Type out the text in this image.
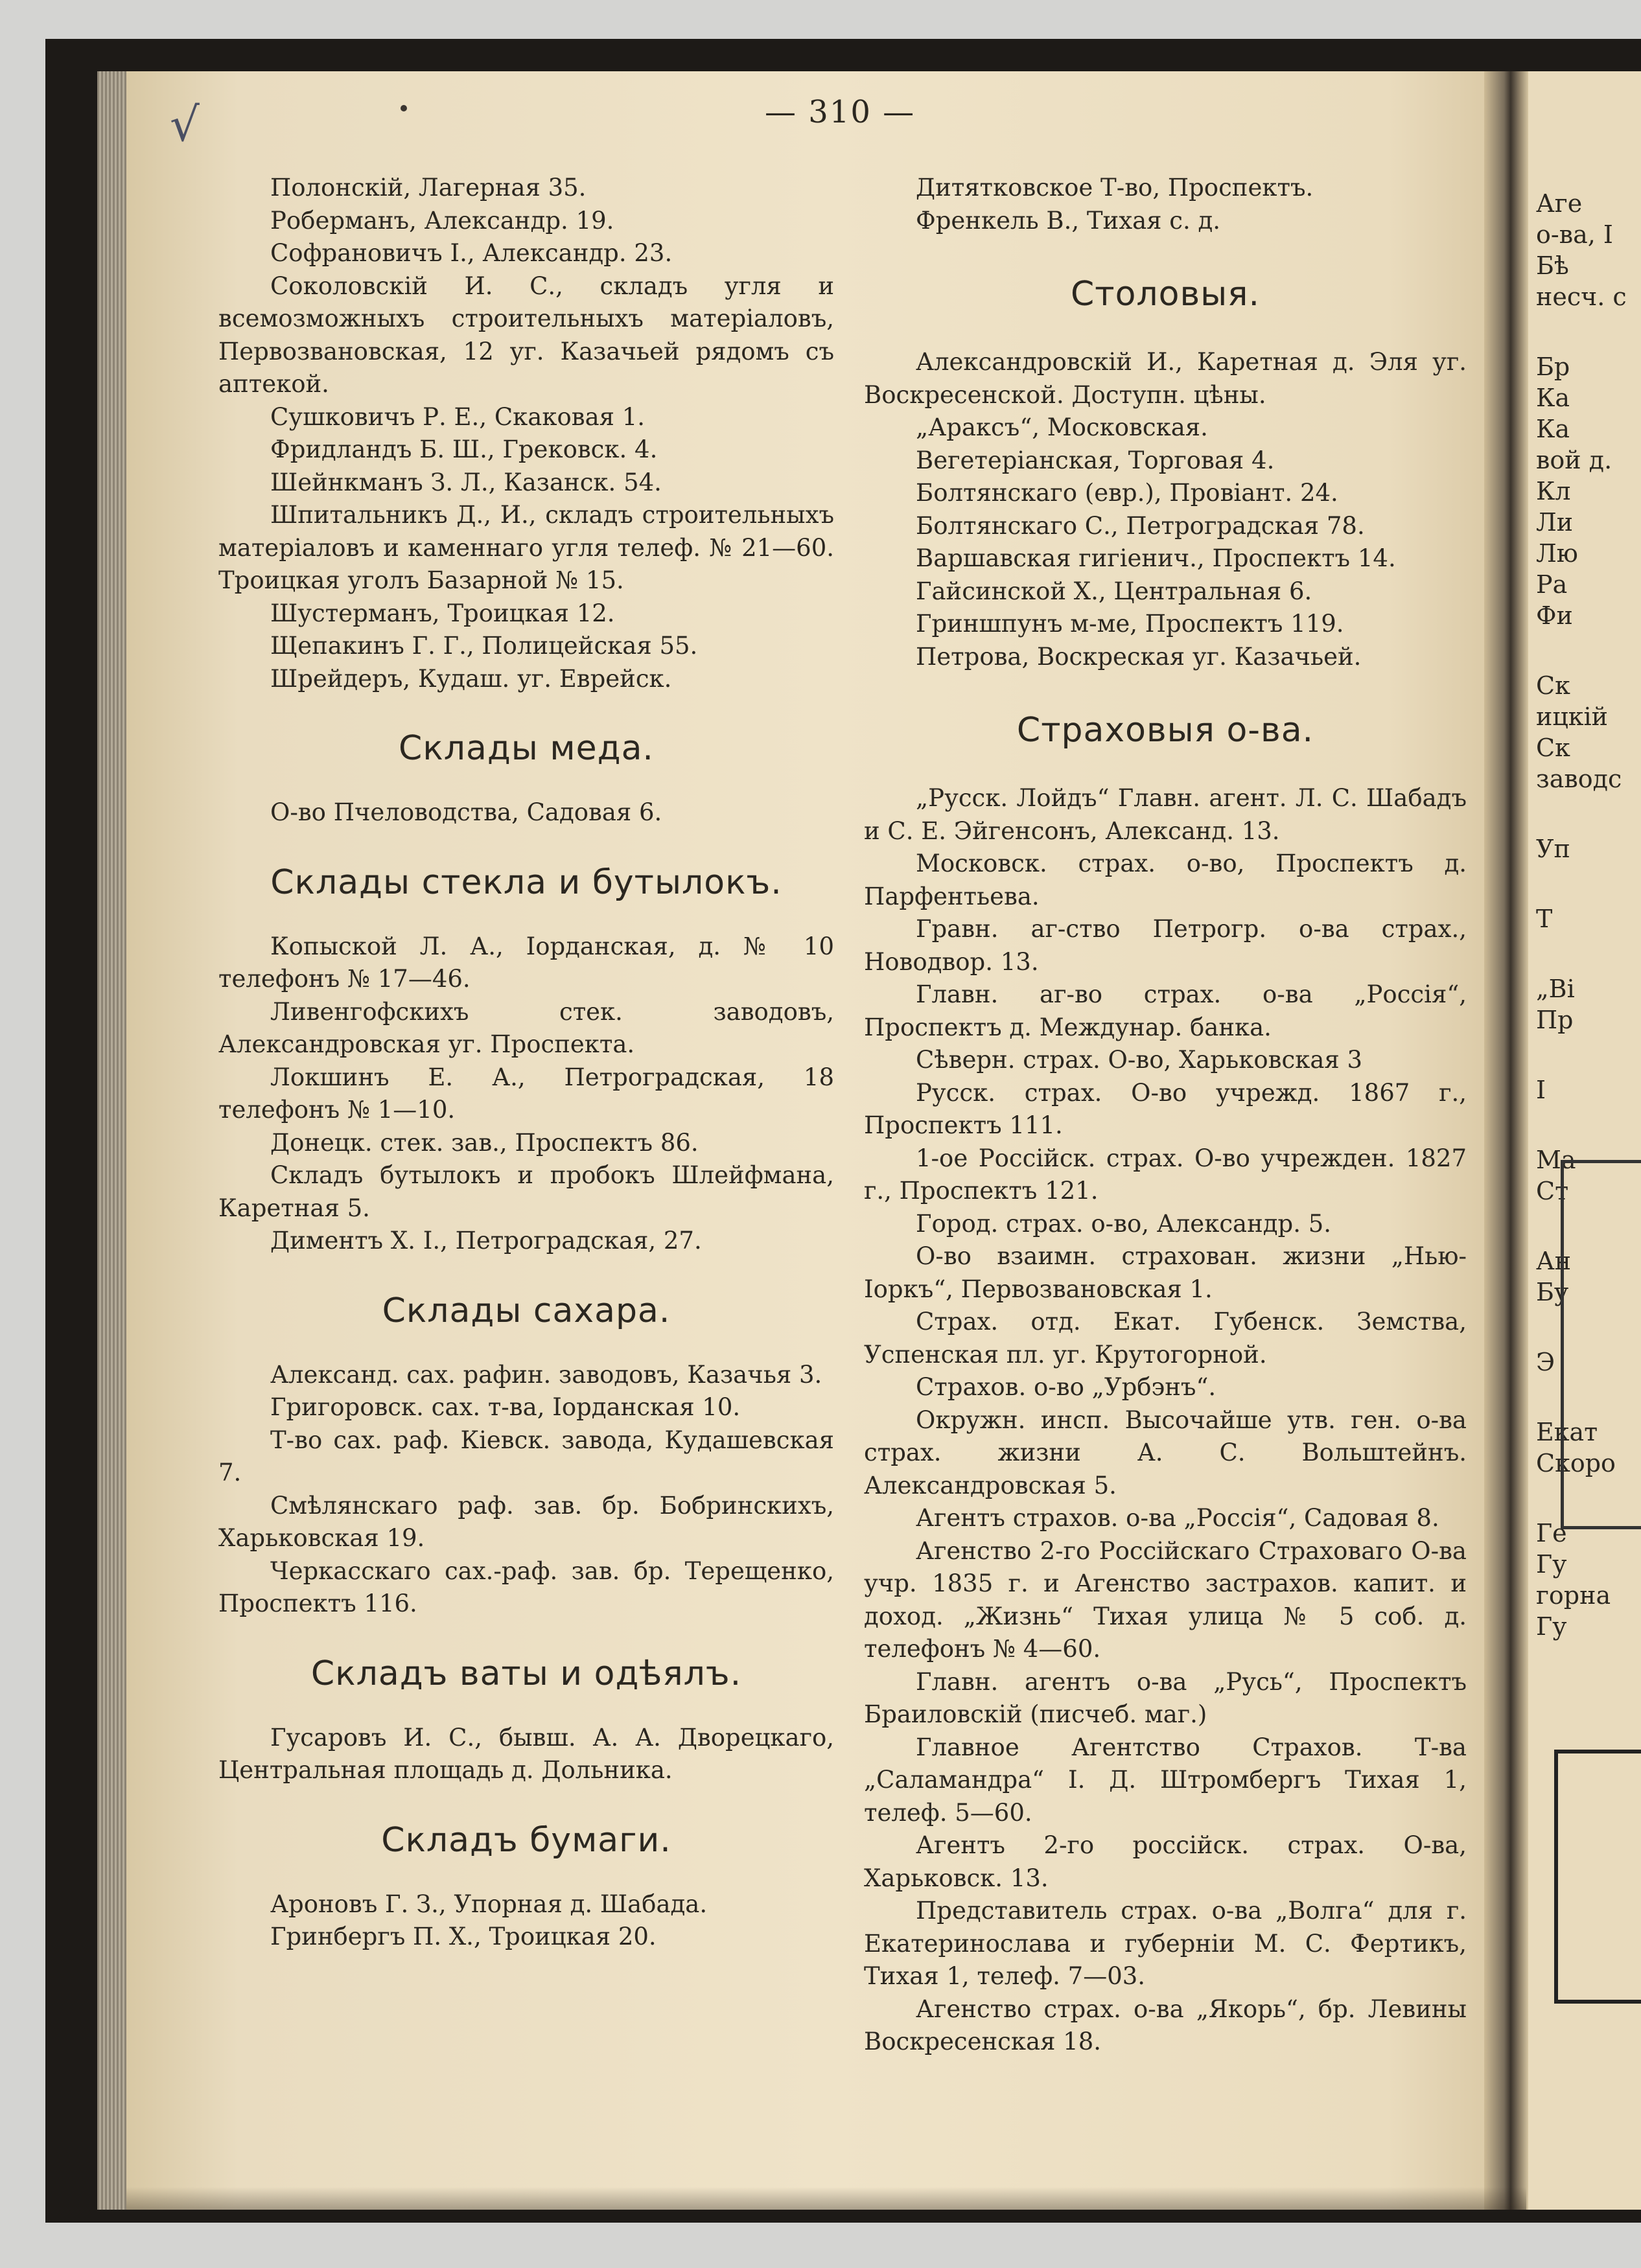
Аге
о-ва, І
Бѣ
несч. с
Бр
Ка
Ка
вой д.
Кл
Ли
Лю
Ра
Фи
Ск
ицкій
Ск
заводс
Уп
Т
„Ві
Пр
І
Ма
Ст
Ан
Бу
Э
Екат
Скоро
Ге
Гу
горна
Гу
√	— 310 —

Полонскій, Лагерная 35.

Роберманъ, Александр. 19.

Софрановичъ І., Александр. 23.

Соколовскій И. С., складъ угля и всемозможныхъ строительныхъ матеріаловъ, Первозвановская, 12 уг. Казачьей рядомъ съ аптекой.

Сушковичъ Р. Е., Скаковая 1.

Фридландъ Б. Ш., Грековск. 4.

Шейнкманъ З. Л., Казанск. 54.

Шпитальникъ Д., И., складъ строительныхъ матеріаловъ и каменнаго угля телеф. № 21—60. Троицкая уголъ Базарной № 15.

Шустерманъ, Троицкая 12.

Щепакинъ Г. Г., Полицейская 55.

Шрейдеръ, Кудаш. уг. Еврейск.

Склады меда.

О-во Пчеловодства, Садовая 6.

Склады стекла и бутылокъ.

Копыской Л. А., Іорданская, д. № 10 телефонъ № 17—46.

Ливенгофскихъ стек. заводовъ, Александровская уг. Проспекта.

Локшинъ Е. А., Петроградская, 18 телефонъ № 1—10.

Донецк. стек. зав., Проспектъ 86.

Складъ бутылокъ и пробокъ Шлейфмана, Каретная 5.

Диментъ Х. І., Петроградская, 27.

Склады сахара.

Александ. сах. рафин. заводовъ, Казачья 3.

Григоровск. сах. т-ва, Іорданская 10.

Т-во сах. раф. Кіевск. завода, Кудашевская 7.

Смѣлянскаго раф. зав. бр. Бобринскихъ, Харьковская 19.

Черкасскаго сах.-раф. зав. бр. Терещенко, Проспектъ 116.

Складъ ваты и одѣялъ.

Гусаровъ И. С., бывш. А. А. Дворецкаго, Центральная площадь д. Дольника.

Складъ бумаги.

Ароновъ Г. З., Упорная д. Шабада.

Гринбергъ П. Х., Троицкая 20.

Дитятковское Т-во, Проспектъ.

Френкель В., Тихая с. д.

Столовыя.

Александровскій И., Каретная д. Эля уг. Воскресенской. Доступн. цѣны.

„Араксъ“, Московская.

Вегетеріанская, Торговая 4.

Болтянскаго (евр.), Провіант. 24.

Болтянскаго С., Петроградская 78.

Варшавская гигіенич., Проспектъ 14.

Гайсинской Х., Центральная 6.

Гриншпунъ м-ме, Проспектъ 119.

Петрова, Воскреская уг. Казачьей.

Страховыя о-ва.

„Русск. Лойдъ“ Главн. агент. Л. С. Шабадъ и С. Е. Эйгенсонъ, Александ. 13.

Московск. страх. о-во, Проспектъ д. Парфентьева.

Гравн. аг-ство Петрогр. о-ва страх., Новодвор. 13.

Главн. аг-во страх. о-ва „Россія“, Проспектъ д. Междунар. банка.

Сѣверн. страх. О-во, Харьковская 3

Русск. страх. О-во учрежд. 1867 г., Проспектъ 111.

1-ое Россійск. страх. О-во учрежден. 1827 г., Проспектъ 121.

Город. страх. о-во, Александр. 5.

О-во взаимн. страхован. жизни „Нью-Іоркъ“, Первозвановская 1.

Страх. отд. Екат. Губенск. Земства, Успенская пл. уг. Крутогорной.

Страхов. о-во „Урбэнъ“.

Окружн. инсп. Высочайше утв. ген. о-ва страх. жизни А. С. Вольштейнъ. Александровская 5.

Агентъ страхов. о-ва „Россія“, Садовая 8.

Агенство 2-го Россійскаго Страховаго О-ва учр. 1835 г. и Агенство застрахов. капит. и доход. „Жизнь“ Тихая улица № 5 соб. д. телефонъ № 4—60.

Главн. агентъ о-ва „Русь“, Проспектъ Браиловскій (писчеб. маг.)

Главное Агентство Страхов. Т-ва „Саламандра“ І. Д. Штромбергъ Тихая 1, телеф. 5—60.

Агентъ 2-го россійск. страх. О-ва, Харьковск. 13.

Представитель страх. о-ва „Волга“ для г. Екатеринослава и губерніи М. С. Фертикъ, Тихая 1, телеф. 7—03.

Агенство страх. о-ва „Якорь“, бр. Левины Воскресенская 18.
